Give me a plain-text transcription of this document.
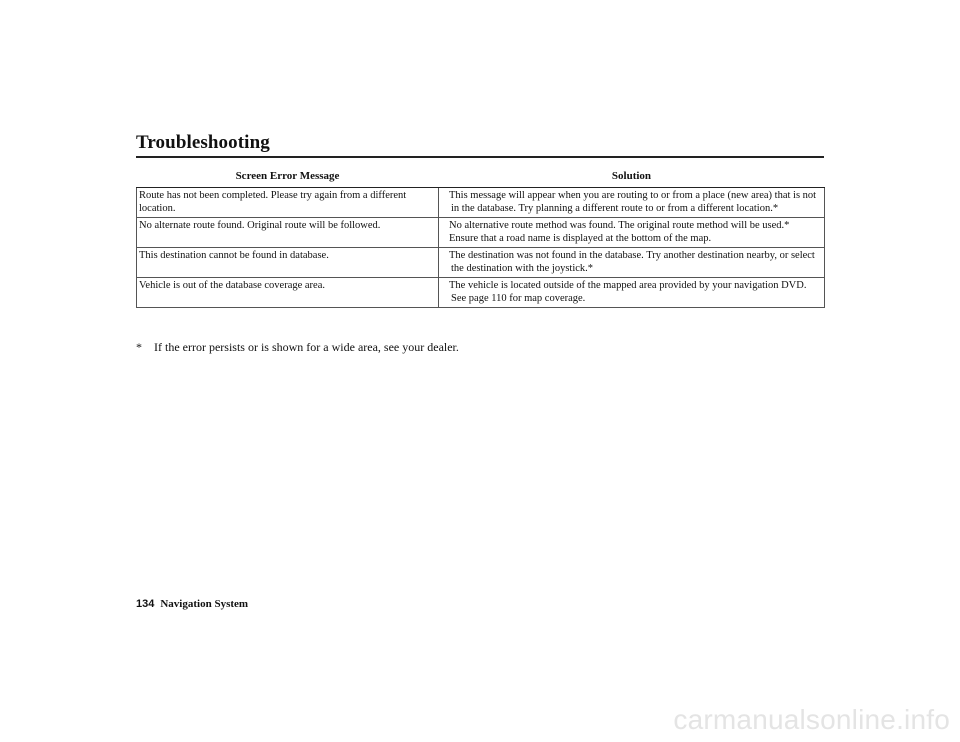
Troubleshooting
Screen Error Message	Solution
Route has not been completed. Please try again from a different location.	This message will appear when you are routing to or from a place (new area) that is not in the database. Try planning a different route to or from a different location.*

No alternate route found. Original route will be followed.	No alternative route method was found. The original route method will be used.*
Ensure that a road name is displayed at the bottom of the map.

This destination cannot be found in database.	The destination was not found in the database. Try another destination nearby, or select the destination with the joystick.*

Vehicle is out of the database coverage area.	The vehicle is located outside of the mapped area provided by your navigation DVD. See page 110 for map coverage.
* If the error persists or is shown for a wide area, see your dealer.
134 Navigation System
carmanualsonline.info
